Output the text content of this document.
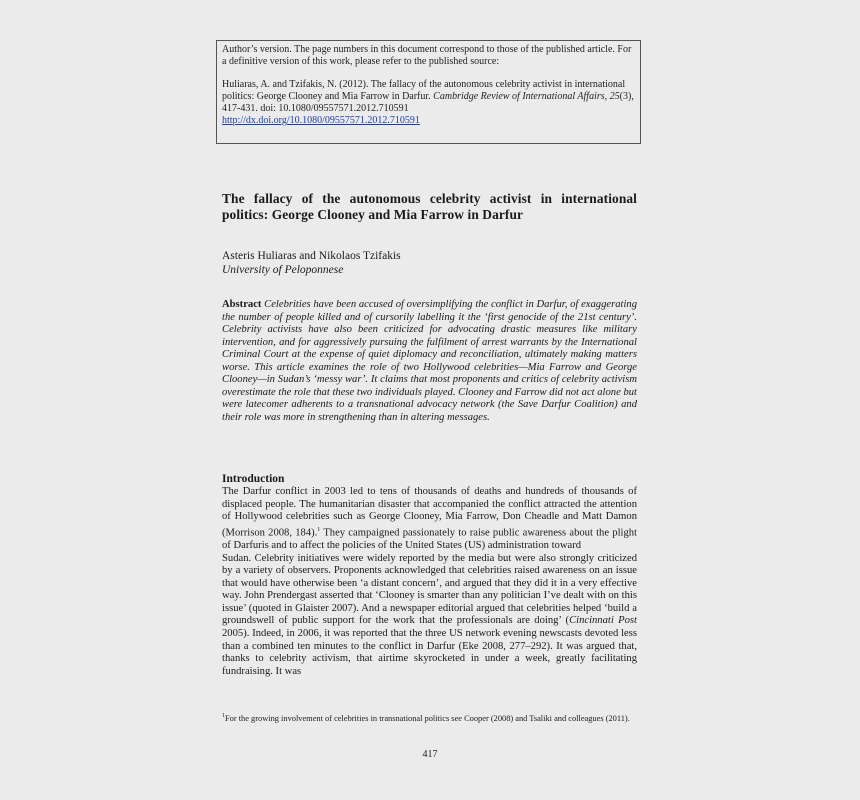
Author’s version. The page numbers in this document correspond to those of the published article. For a definitive version of this work, please refer to the published source:

Huliaras, A. and Tzifakis, N. (2012). The fallacy of the autonomous celebrity activist in international politics: George Clooney and Mia Farrow in Darfur. Cambridge Review of International Affairs, 25(3), 417-431. doi: 10.1080/09557571.2012.710591
http://dx.doi.org/10.1080/09557571.2012.710591

The fallacy of the autonomous celebrity activist in international politics: George Clooney and Mia Farrow in Darfur
Asteris Huliaras and Nikolaos Tzifakis
University of Peloponnese

Abstract Celebrities have been accused of oversimplifying the conflict in Darfur, of exaggerating the number of people killed and of cursorily labelling it the ‘first genocide of the 21st century’. Celebrity activists have also been criticized for advocating drastic measures like military intervention, and for aggressively pursuing the fulfilment of arrest warrants by the International Criminal Court at the expense of quiet diplomacy and reconciliation, ultimately making matters worse. This article examines the role of two Hollywood celebrities—Mia Farrow and George Clooney—in Sudan’s ‘messy war’. It claims that most proponents and critics of celebrity activism overestimate the role that these two individuals played. Clooney and Farrow did not act alone but were latecomer adherents to a transnational advocacy network (the Save Darfur Coalition) and their role was more in strengthening than in altering messages.

Introduction

The Darfur conflict in 2003 led to tens of thousands of deaths and hundreds of thousands of displaced people. The humanitarian disaster that accompanied the conflict attracted the attention of Hollywood celebrities such as George Clooney, Mia Farrow, Don Cheadle and Matt Damon (Morrison 2008, 184).$^1$ They campaigned passionately to raise public awareness about the plight of Darfuris and to affect the policies of the United States (US) administration toward
Sudan. Celebrity initiatives were widely reported by the media but were also strongly criticized by a variety of observers. Proponents acknowledged that celebrities raised awareness on an issue that would have otherwise been ‘a distant concern’, and argued that they did it in a very effective way. John Prendergast asserted that ‘Clooney is smarter than any politician I’ve dealt with on this issue’ (quoted in Glaister 2007). And a newspaper editorial argued that celebrities helped ‘build a groundswell of public support for the work that the professionals are doing’ (Cincinnati Post 2005). Indeed, in 2006, it was reported that the three US network evening newscasts devoted less than a combined ten minutes to the conflict in Darfur (Eke 2008, 277–292). It was argued that, thanks to celebrity activism, that airtime skyrocketed in under a week, greatly facilitating fundraising. It was

$^1$For the growing involvement of celebrities in transnational politics see Cooper (2008) and Tsaliki and colleagues (2011).

417
